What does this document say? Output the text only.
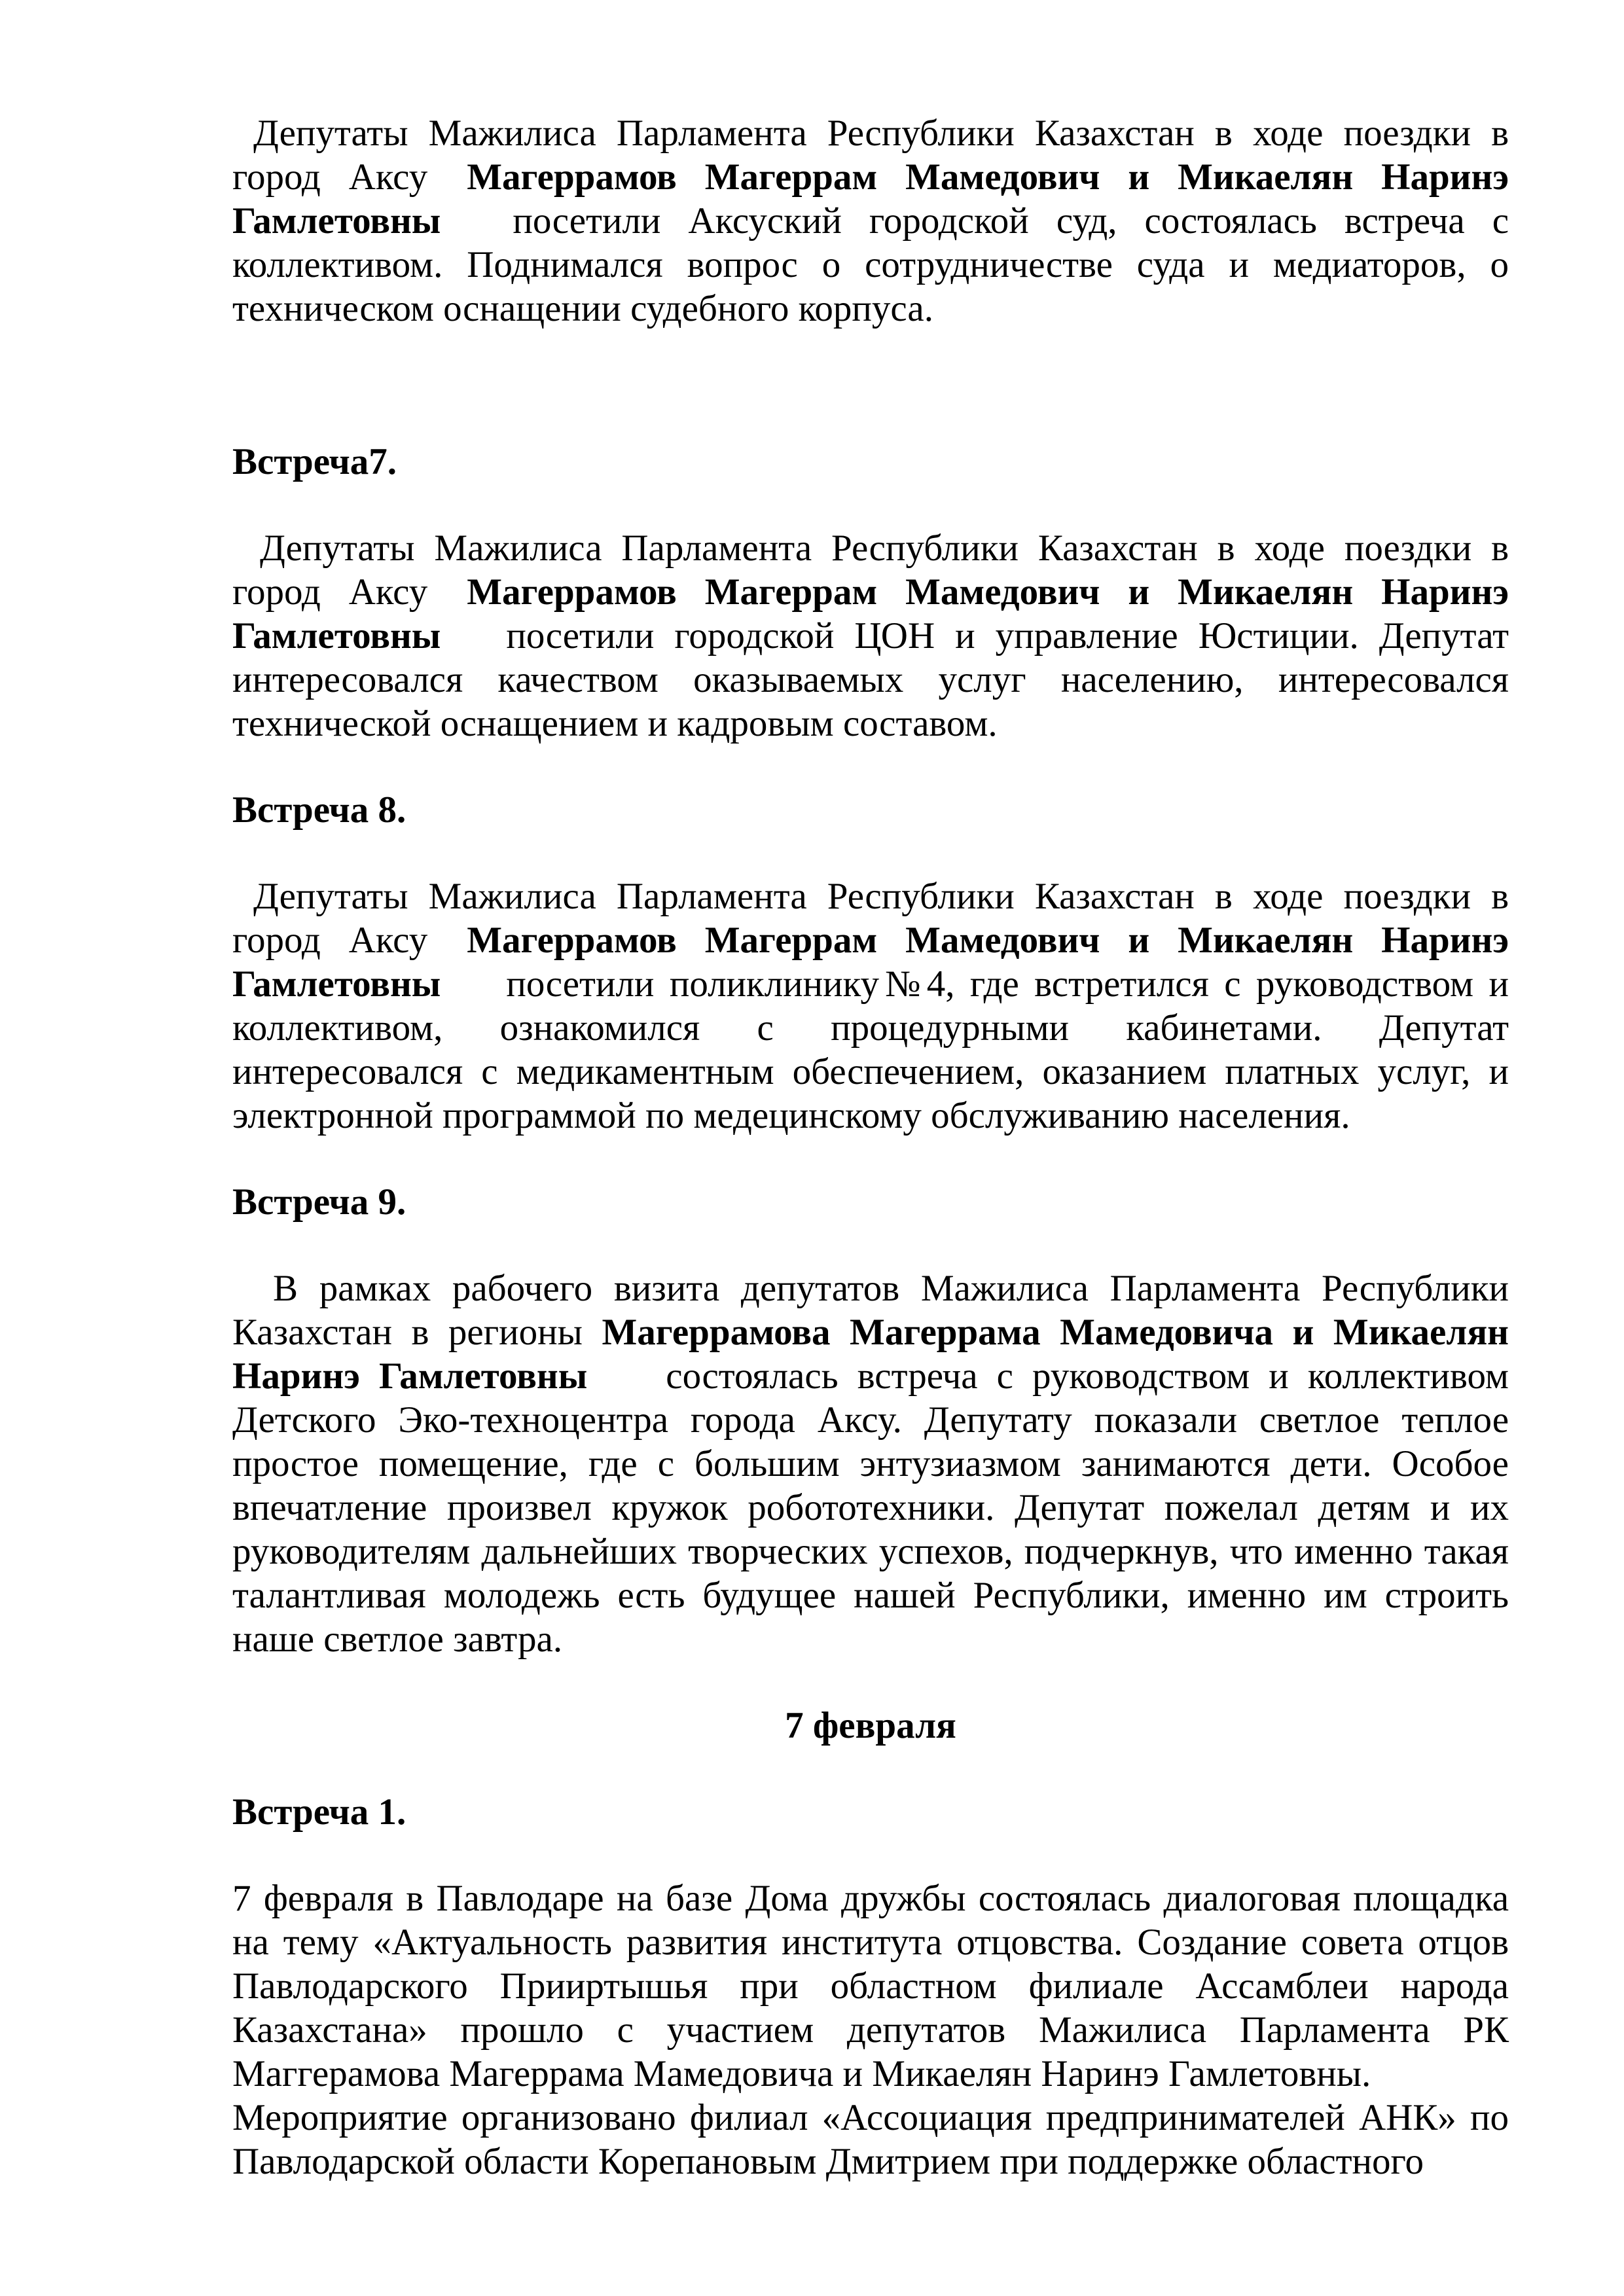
Депутаты Мажилиса Парламента Республики Казахстан в ходе поездки в город Аксу Магеррамов Магеррам Мамедович и Микаелян Наринэ Гамлетовны посетили Аксуский городской суд, состоялась встреча с коллективом. Поднимался вопрос о сотрудничестве суда и медиаторов, о техническом оснащении судебного корпуса.

Встреча7.

Депутаты Мажилиса Парламента Республики Казахстан в ходе поездки в город Аксу Магеррамов Магеррам Мамедович и Микаелян Наринэ Гамлетовны посетили городской ЦОН и управление Юстиции. Депутат интересовался качеством оказываемых услуг населению, интересовался технической оснащением и кадровым составом.

Встреча 8.

Депутаты Мажилиса Парламента Республики Казахстан в ходе поездки в город Аксу Магеррамов Магеррам Мамедович и Микаелян Наринэ Гамлетовны посетили поликлинику№4, где встретился с руководством и коллективом, ознакомился с процедурными кабинетами. Депутат интересовался с медикаментным обеспечением, оказанием платных услуг, и электронной программой по медецинскому обслуживанию населения.

Встреча 9.

В рамках рабочего визита депутатов Мажилиса Парламента Республики Казахстан в регионы Магеррамова Магеррама Мамедовича и Микаелян Наринэ Гамлетовны состоялась встреча с руководством и коллективом Детского Эко-техноцентра города Аксу. Депутату показали светлое теплое простое помещение, где с большим энтузиазмом занимаются дети. Особое впечатление произвел кружок робототехники. Депутат пожелал детям и их руководителям дальнейших творческих успехов, подчеркнув, что именно такая талантливая молодежь есть будущее нашей Республики, именно им строить наше светлое завтра.

7 февраля

Встреча 1.

7 февраля в Павлодаре на базе Дома дружбы состоялась диалоговая площадка на тему «Актуальность развития института отцовства. Создание совета отцов Павлодарского Прииртышья при областном филиале Ассамблеи народа Казахстана» прошло с участием депутатов Мажилиса Парламента РК Маггерамова Магеррама Мамедовича и Микаелян Наринэ Гамлетовны.

Мероприятие организовано филиал «Ассоциация предпринимателей АНК» по Павлодарской области Корепановым Дмитрием при поддержке областного
